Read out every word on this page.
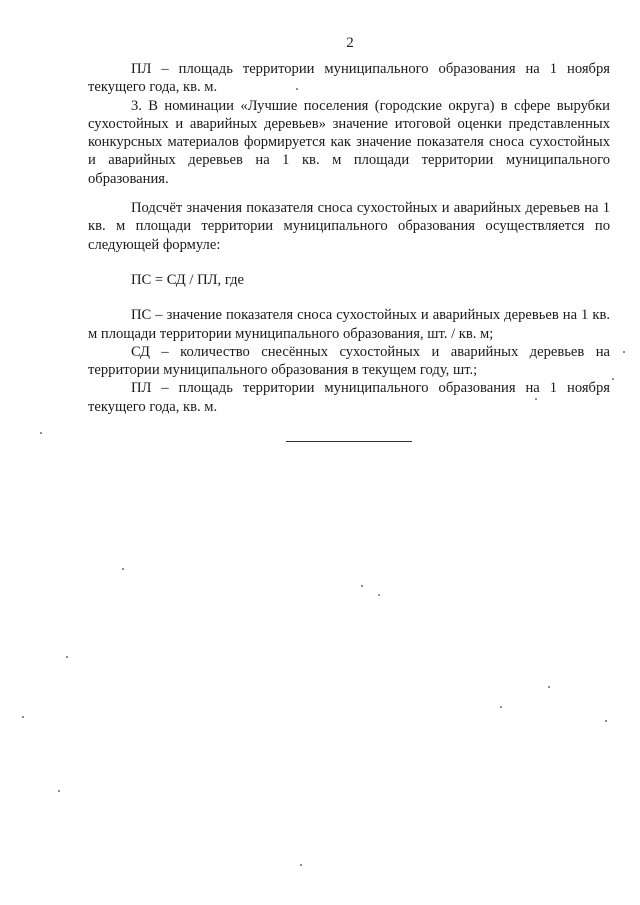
2

ПЛ – площадь территории муниципального образования на 1 ноября текущего года, кв. м.

3. В номинации «Лучшие поселения (городские округа) в сфере вырубки сухостойных и аварийных деревьев» значение итоговой оценки представленных конкурсных материалов формируется как значение показателя сноса сухостойных и аварийных деревьев на 1 кв. м площади территории муниципального образования.

Подсчёт значения показателя сноса сухостойных и аварийных деревьев на 1 кв. м площади территории муниципального образования осуществляется по следующей формуле:

ПС = СД / ПЛ, где

ПС – значение показателя сноса сухостойных и аварийных деревьев на 1 кв. м площади территории муниципального образования, шт. / кв. м;

СД – количество снесённых сухостойных и аварийных деревьев на территории муниципального образования в текущем году, шт.;

ПЛ – площадь территории муниципального образования на 1 ноября текущего года, кв. м.
